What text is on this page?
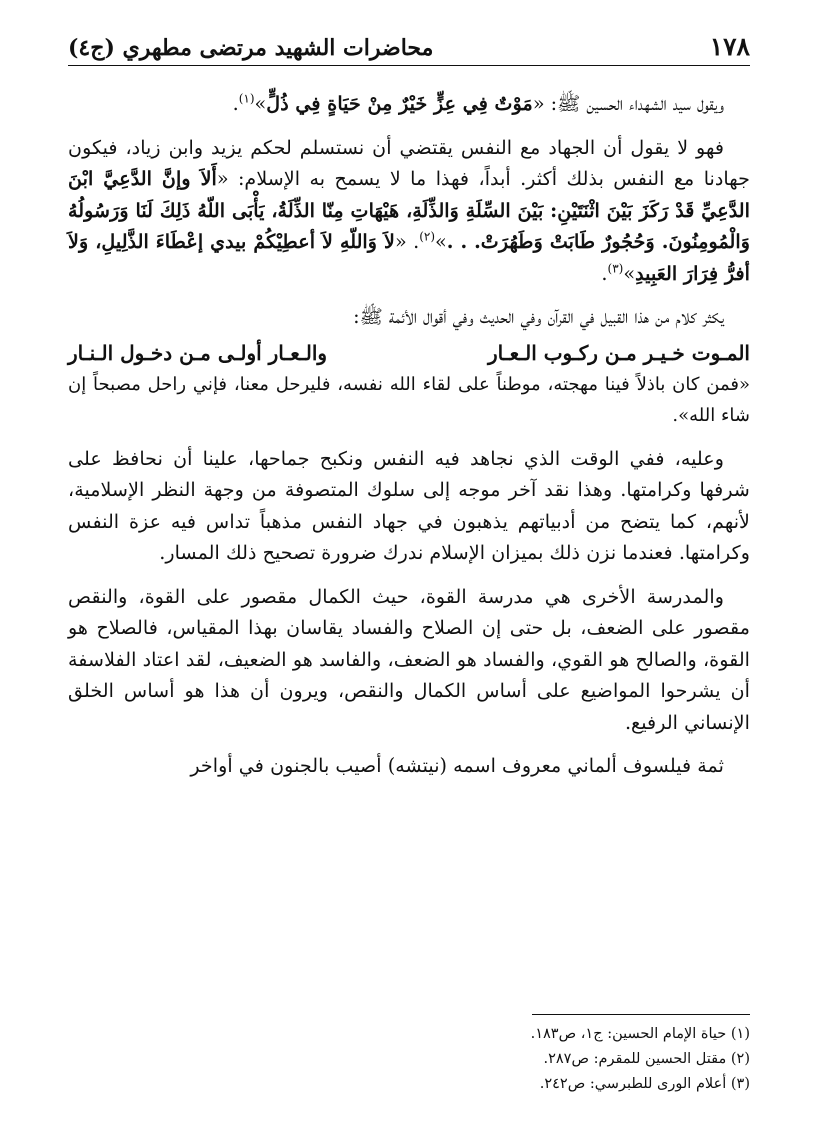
١٧٨
محاضرات الشهيد مرتضى مطهري (ج٤)

ويقول سيد الشهداء الحسين ﷺ: «مَوْتٌ فِي عِزٍّ خَيْرٌ مِنْ حَيَاةٍ فِي ذُلٍّ»$^{(١)}$.

فهو لا يقول أن الجهاد مع النفس يقتضي أن نستسلم لحكم يزيد وابن زياد، فيكون جهادنا مع النفس بذلك أكثر. أبداً، فهذا ما لا يسمح به الإسلام: «أَلاَ وإنَّ الدَّعِيَّ ابْنَ الدَّعِيِّ قَدْ رَكَزَ بَيْنَ اثْنَتَيْنِ: بَيْنَ السِّلَةِ وَالذِّلَةِ، هَيْهَاتِ مِنّا الذِّلَةُ، يَأْبَى اللّهُ ذَلِكَ لَنَا وَرَسُولُهُ وَالْمُومِنُونَ. وَحُجُورٌ طَابَتْ وَطَهُرَتْ. . .»$^{(٢)}$. «لاَ وَاللّهِ لاَ أعطِيْكُمْ بيدي إعْطَاءَ الذَّلِيلِ، وَلاَ أفرُّ فِرَارَ العَبِيدِ»$^{(٣)}$.

يكثر كلام من هذا القبيل في القرآن وفي الحديث وفي أقوال الأئمة ﷺ:

المـوت خـيـر مـن ركـوب الـعـار
والـعـار أولـى مـن دخـول الـنـار

«فمن كان باذلاً فينا مهجته، موطناً على لقاء الله نفسه، فليرحل معنا، فإني راحل مصبحاً إن شاء الله».

وعليه، ففي الوقت الذي نجاهد فيه النفس ونكبح جماحها، علينا أن نحافظ على شرفها وكرامتها. وهذا نقد آخر موجه إلى سلوك المتصوفة من وجهة النظر الإسلامية، لأنهم، كما يتضح من أدبياتهم يذهبون في جهاد النفس مذهباً تداس فيه عزة النفس وكرامتها. فعندما نزن ذلك بميزان الإسلام ندرك ضرورة تصحيح ذلك المسار.

والمدرسة الأخرى هي مدرسة القوة، حيث الكمال مقصور على القوة، والنقص مقصور على الضعف، بل حتى إن الصلاح والفساد يقاسان بهذا المقياس، فالصلاح هو القوة، والصالح هو القوي، والفساد هو الضعف، والفاسد هو الضعيف، لقد اعتاد الفلاسفة أن يشرحوا المواضيع على أساس الكمال والنقص، ويرون أن هذا هو أساس الخلق الإنساني الرفيع.

ثمة فيلسوف ألماني معروف اسمه (نيتشه) أصيب بالجنون في أواخر

(١) حياة الإمام الحسين: ج١، ص١٨٣.

(٢) مقتل الحسين للمقرم: ص٢٨٧.

(٣) أعلام الورى للطبرسي: ص٢٤٢.
